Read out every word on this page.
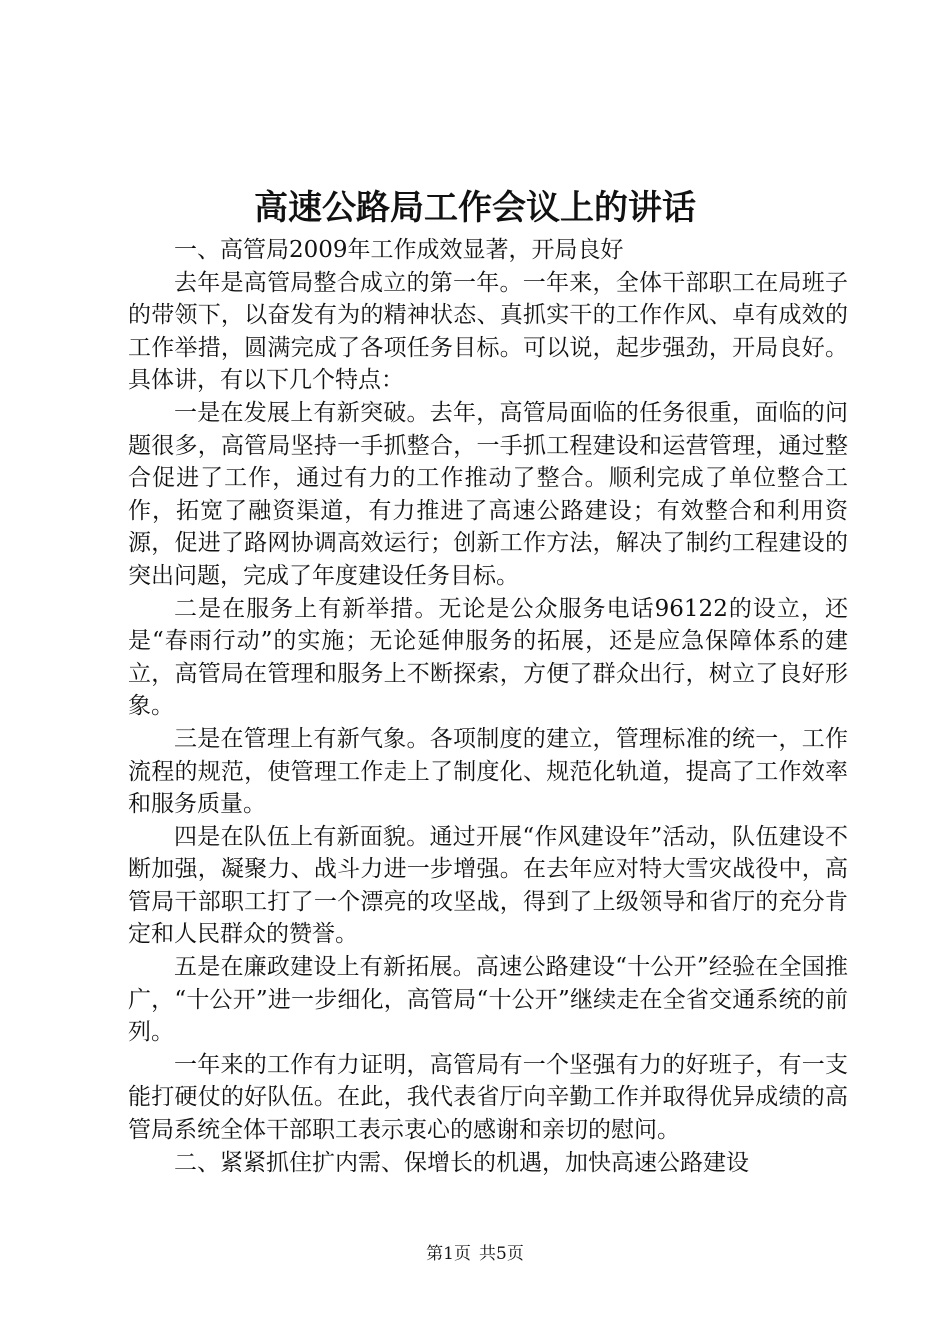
高速公路局工作会议上的讲话

一、高管局2009年工作成效显著，开局良好

去年是高管局整合成立的第一年。一年来，全体干部职工在局班子的带领下，以奋发有为的精神状态、真抓实干的工作作风、卓有成效的工作举措，圆满完成了各项任务目标。可以说，起步强劲，开局良好。具体讲，有以下几个特点：

一是在发展上有新突破。去年，高管局面临的任务很重，面临的问题很多，高管局坚持一手抓整合，一手抓工程建设和运营管理，通过整合促进了工作，通过有力的工作推动了整合。顺利完成了单位整合工作，拓宽了融资渠道，有力推进了高速公路建设；有效整合和利用资源，促进了路网协调高效运行；创新工作方法，解决了制约工程建设的突出问题，完成了年度建设任务目标。

二是在服务上有新举措。无论是公众服务电话96122的设立，还是“春雨行动”的实施；无论延伸服务的拓展，还是应急保障体系的建立，高管局在管理和服务上不断探索，方便了群众出行，树立了良好形象。

三是在管理上有新气象。各项制度的建立，管理标准的统一，工作流程的规范，使管理工作走上了制度化、规范化轨道，提高了工作效率和服务质量。

四是在队伍上有新面貌。通过开展“作风建设年”活动，队伍建设不断加强，凝聚力、战斗力进一步增强。在去年应对特大雪灾战役中，高管局干部职工打了一个漂亮的攻坚战，得到了上级领导和省厅的充分肯定和人民群众的赞誉。

五是在廉政建设上有新拓展。高速公路建设“十公开”经验在全国推广，“十公开”进一步细化，高管局“十公开”继续走在全省交通系统的前列。

一年来的工作有力证明，高管局有一个坚强有力的好班子，有一支能打硬仗的好队伍。在此，我代表省厅向辛勤工作并取得优异成绩的高管局系统全体干部职工表示衷心的感谢和亲切的慰问。

二、紧紧抓住扩内需、保增长的机遇，加快高速公路建设

第1页 共5页
